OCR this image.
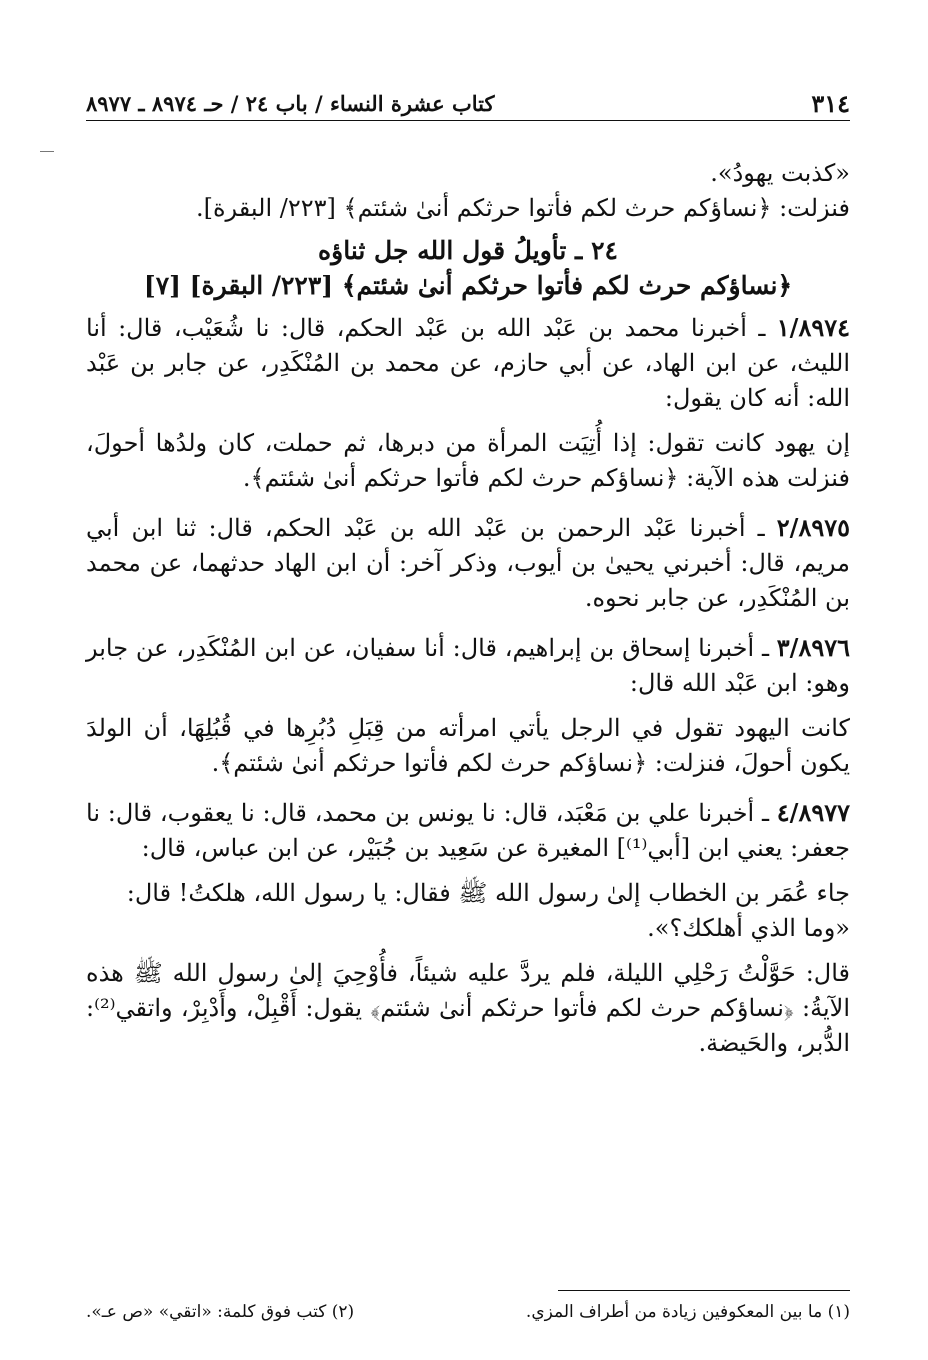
٣١٤
كتاب عشرة النساء / باب ٢٤ / حـ ٨٩٧٤ ـ ٨٩٧٧

«كذبت يهودُ».

فنزلت: ﴿نساؤكم حرث لكم فأتوا حرثكم أنىٰ شئتم﴾ [٢٢٣/ البقرة].

٢٤ ـ تأويلُ قول الله جل ثناؤه
﴿نساؤكم حرث لكم فأتوا حرثكم أنىٰ شئتم﴾ [٢٢٣/ البقرة] [٧]

١/٨٩٧٤ ـ أخبرنا محمد بن عَبْد الله بن عَبْد الحكم، قال: نا شُعَيْب، قال: أنا الليث، عن ابن الهاد، عن أبي حازم، عن محمد بن المُنْكَدِر، عن جابر بن عَبْد الله: أنه كان يقول:

إن يهود كانت تقول: إذا أُتِيَت المرأة من دبرها، ثم حملت، كان ولدُها أحولَ، فنزلت هذه الآية: ﴿نساؤكم حرث لكم فأتوا حرثكم أنىٰ شئتم﴾.

٢/٨٩٧٥ ـ أخبرنا عَبْد الرحمن بن عَبْد الله بن عَبْد الحكم، قال: ثنا ابن أبي مريم، قال: أخبرني يحيىٰ بن أيوب، وذكر آخر: أن ابن الهاد حدثهما، عن محمد بن المُنْكَدِر، عن جابر نحوه.

٣/٨٩٧٦ ـ أخبرنا إسحاق بن إبراهيم، قال: أنا سفيان، عن ابن المُنْكَدِر، عن جابر وهو: ابن عَبْد الله قال:

كانت اليهود تقول في الرجل يأتي امرأته من قِبَلِ دُبُرِها في قُبُلِهَا، أن الولدَ يكون أحولَ، فنزلت: ﴿نساؤكم حرث لكم فأتوا حرثكم أنىٰ شئتم﴾.

٤/٨٩٧٧ ـ أخبرنا علي بن مَعْبَد، قال: نا يونس بن محمد، قال: نا يعقوب، قال: نا جعفر: يعني ابن [أبي⁽¹⁾] المغيرة عن سَعِيد بن جُبَيْر، عن ابن عباس، قال:

جاء عُمَر بن الخطاب إلىٰ رسول الله ﷺ فقال: يا رسول الله، هلكتُ! قال:

«وما الذي أهلكك؟».

قال: حَوَّلْتُ رَحْلِي الليلة، فلم يردَّ عليه شيئاً، فأُوْحِيَ إلىٰ رسول الله ﷺ هذه الآيةُ: ﴿نساؤكم حرث لكم فأتوا حرثكم أنىٰ شئتم﴾ يقول: أَقْبِلْ، وأَدْبِرْ، واتقي⁽²⁾: الدُّبر، والحَيضة.

(١) ما بين المعكوفين زيادة من أطراف المزي.
(٢) كتب فوق كلمة: «اتقي» «ص عـ».
